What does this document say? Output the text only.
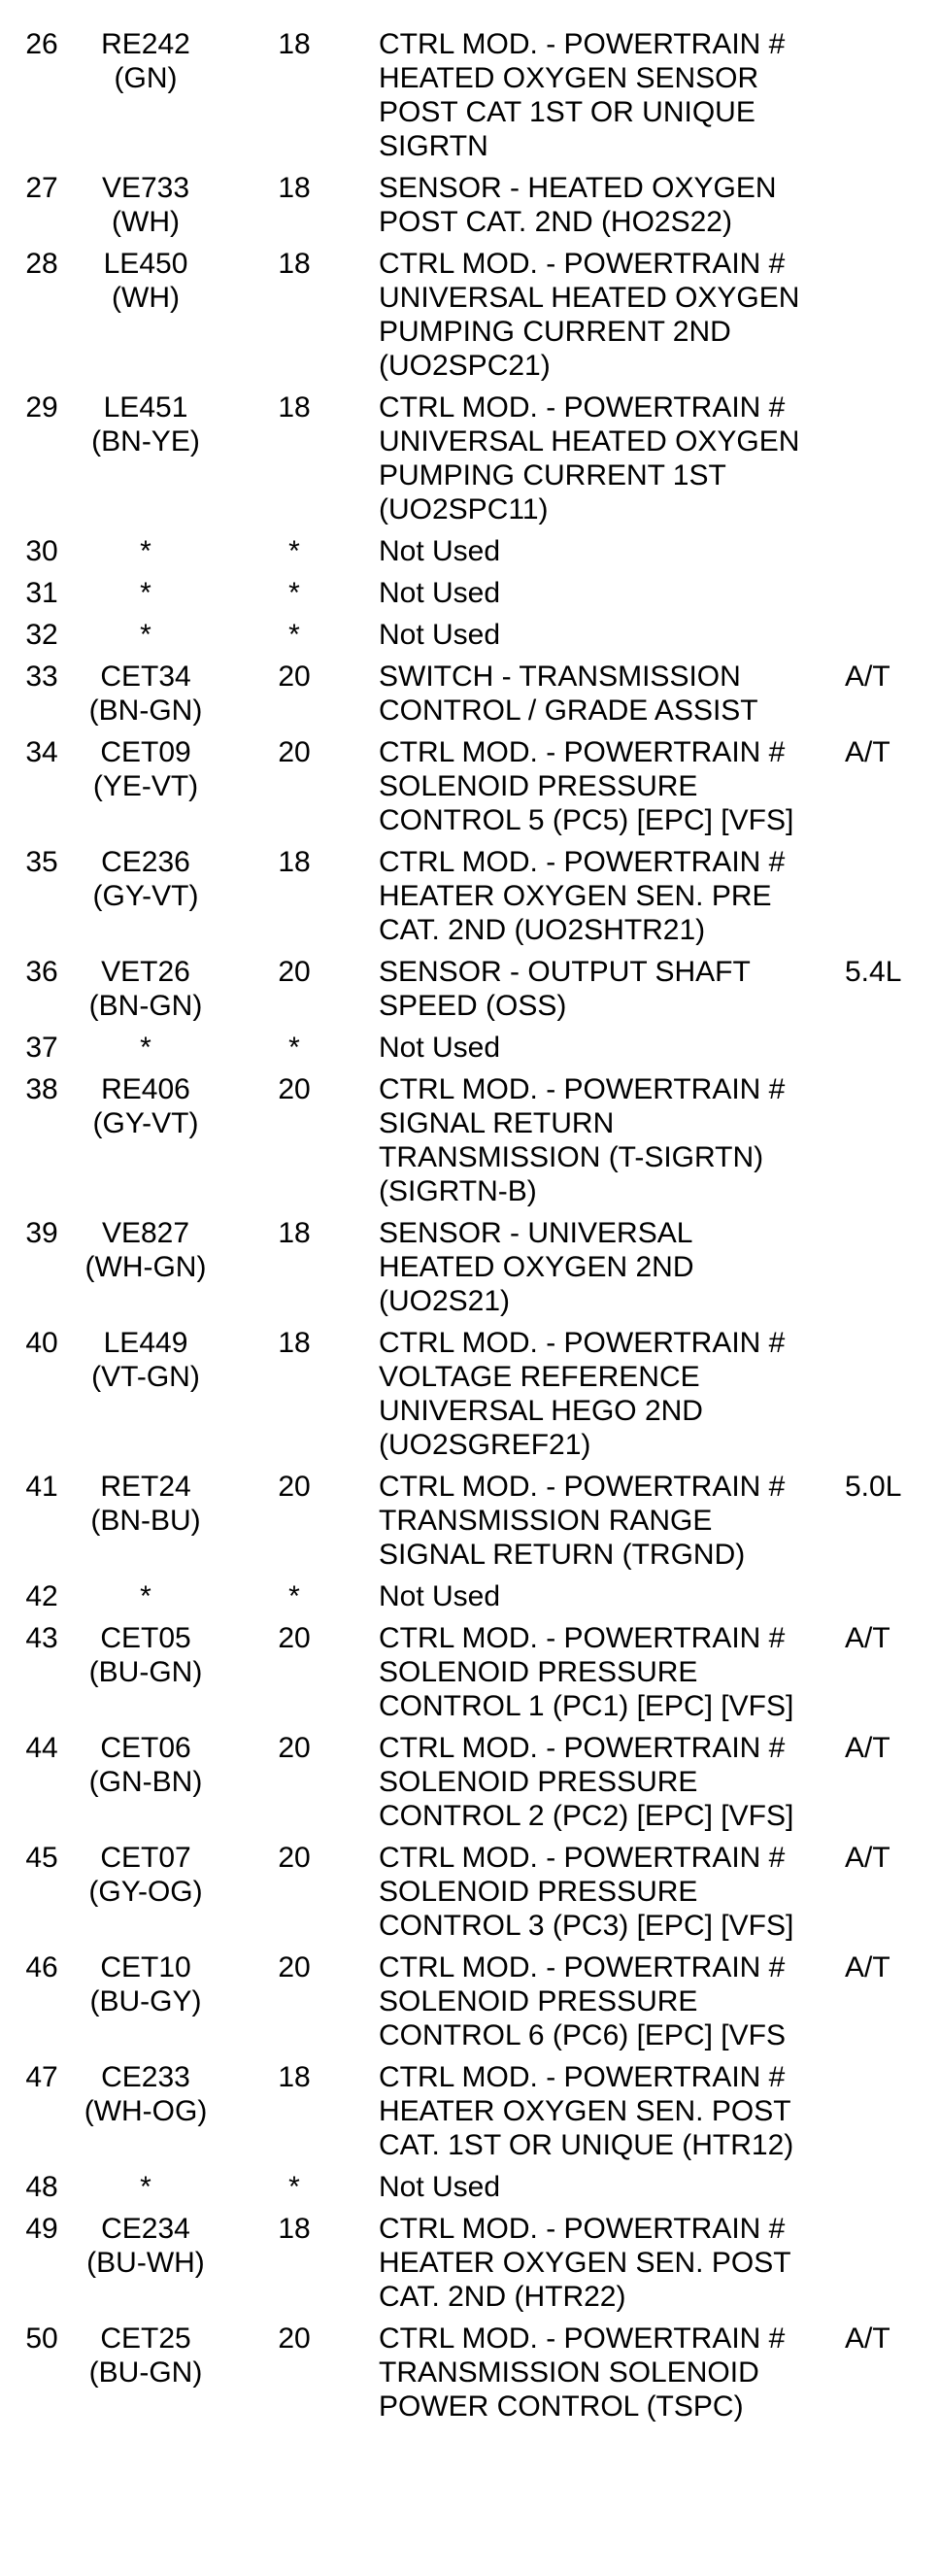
26	RE242
(GN)	18	CTRL MOD. - POWERTRAIN #
HEATED OXYGEN SENSOR
POST CAT 1ST OR UNIQUE
SIGRTN	

27	VE733
(WH)	18	SENSOR - HEATED OXYGEN
POST CAT. 2ND (HO2S22)	

28	LE450
(WH)	18	CTRL MOD. - POWERTRAIN #
UNIVERSAL HEATED OXYGEN
PUMPING CURRENT 2ND
(UO2SPC21)	

29	LE451
(BN-YE)	18	CTRL MOD. - POWERTRAIN #
UNIVERSAL HEATED OXYGEN
PUMPING CURRENT 1ST
(UO2SPC11)	

30	*	*	Not Used	

31	*	*	Not Used	

32	*	*	Not Used	

33	CET34
(BN-GN)	20	SWITCH - TRANSMISSION
CONTROL / GRADE ASSIST	A/T
34	CET09
(YE-VT)	20	CTRL MOD. - POWERTRAIN #
SOLENOID PRESSURE
CONTROL 5 (PC5) [EPC] [VFS]	A/T
35	CE236
(GY-VT)	18	CTRL MOD. - POWERTRAIN #
HEATER OXYGEN SEN. PRE
CAT. 2ND (UO2SHTR21)	

36	VET26
(BN-GN)	20	SENSOR - OUTPUT SHAFT
SPEED (OSS)	5.4L
37	*	*	Not Used	

38	RE406
(GY-VT)	20	CTRL MOD. - POWERTRAIN #
SIGNAL RETURN
TRANSMISSION (T-SIGRTN)
(SIGRTN-B)	

39	VE827
(WH-GN)	18	SENSOR - UNIVERSAL
HEATED OXYGEN 2ND
(UO2S21)	

40	LE449
(VT-GN)	18	CTRL MOD. - POWERTRAIN #
VOLTAGE REFERENCE
UNIVERSAL HEGO 2ND
(UO2SGREF21)	

41	RET24
(BN-BU)	20	CTRL MOD. - POWERTRAIN #
TRANSMISSION RANGE
SIGNAL RETURN (TRGND)	5.0L
42	*	*	Not Used	

43	CET05
(BU-GN)	20	CTRL MOD. - POWERTRAIN #
SOLENOID PRESSURE
CONTROL 1 (PC1) [EPC] [VFS]	A/T
44	CET06
(GN-BN)	20	CTRL MOD. - POWERTRAIN #
SOLENOID PRESSURE
CONTROL 2 (PC2) [EPC] [VFS]	A/T
45	CET07
(GY-OG)	20	CTRL MOD. - POWERTRAIN #
SOLENOID PRESSURE
CONTROL 3 (PC3) [EPC] [VFS]	A/T
46	CET10
(BU-GY)	20	CTRL MOD. - POWERTRAIN #
SOLENOID PRESSURE
CONTROL 6 (PC6) [EPC] [VFS	A/T
47	CE233
(WH-OG)	18	CTRL MOD. - POWERTRAIN #
HEATER OXYGEN SEN. POST
CAT. 1ST OR UNIQUE (HTR12)	

48	*	*	Not Used	

49	CE234
(BU-WH)	18	CTRL MOD. - POWERTRAIN #
HEATER OXYGEN SEN. POST
CAT. 2ND (HTR22)	

50	CET25
(BU-GN)	20	CTRL MOD. - POWERTRAIN #
TRANSMISSION SOLENOID
POWER CONTROL (TSPC)	A/T
